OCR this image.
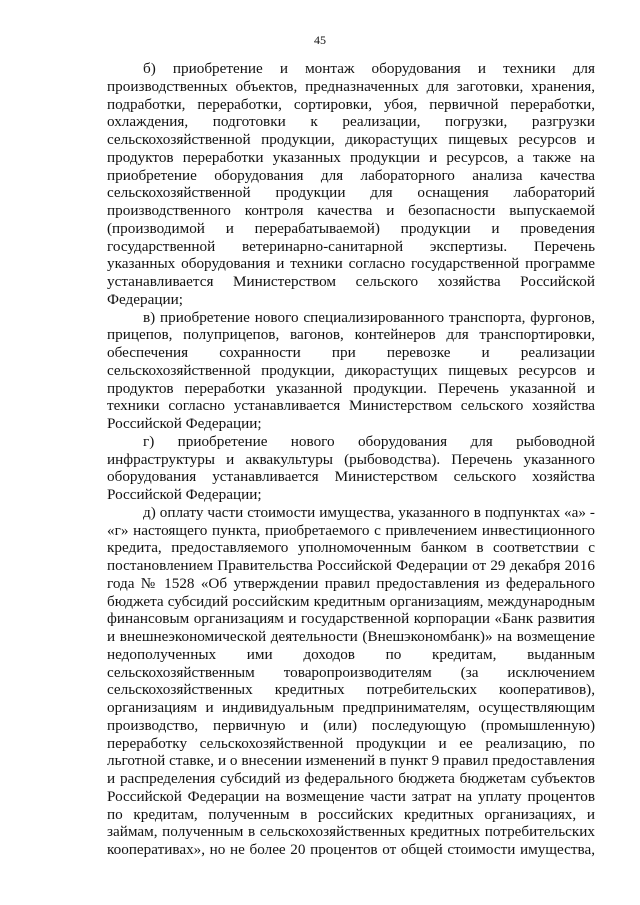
45
б) приобретение и монтаж оборудования и техники для
производственных объектов, предназначенных для заготовки, хранения,
подработки, переработки, сортировки, убоя, первичной переработки,
охлаждения, подготовки к реализации, погрузки, разгрузки
сельскохозяйственной продукции, дикорастущих пищевых ресурсов и
продуктов переработки указанных продукции и ресурсов, а также на
приобретение оборудования для лабораторного анализа качества
сельскохозяйственной продукции для оснащения лабораторий
производственного контроля качества и безопасности выпускаемой
(производимой и перерабатываемой) продукции и проведения
государственной ветеринарно-санитарной экспертизы. Перечень
указанных оборудования и техники согласно государственной программе
устанавливается Министерством сельского хозяйства Российской
Федерации;
в) приобретение нового специализированного транспорта, фургонов,
прицепов, полуприцепов, вагонов, контейнеров для транспортировки,
обеспечения сохранности при перевозке и реализации
сельскохозяйственной продукции, дикорастущих пищевых ресурсов и
продуктов переработки указанной продукции. Перечень указанной и
техники согласно устанавливается Министерством сельского хозяйства
Российской Федерации;
г) приобретение нового оборудования для рыбоводной
инфраструктуры и аквакультуры (рыбоводства). Перечень указанного
оборудования устанавливается Министерством сельского хозяйства
Российской Федерации;
д) оплату части стоимости имущества, указанного в подпунктах «а» -
«г» настоящего пункта, приобретаемого с привлечением инвестиционного
кредита, предоставляемого уполномоченным банком в соответствии с
постановлением Правительства Российской Федерации от 29 декабря 2016
года № 1528 «Об утверждении правил предоставления из федерального
бюджета субсидий российским кредитным организациям, международным
финансовым организациям и государственной корпорации «Банк развития
и внешнеэкономической деятельности (Внешэкономбанк)» на возмещение
недополученных ими доходов по кредитам, выданным
сельскохозяйственным товаропроизводителям (за исключением
сельскохозяйственных кредитных потребительских кооперативов),
организациям и индивидуальным предпринимателям, осуществляющим
производство, первичную и (или) последующую (промышленную)
переработку сельскохозяйственной продукции и ее реализацию, по
льготной ставке, и о внесении изменений в пункт 9 правил предоставления
и распределения субсидий из федерального бюджета бюджетам субъектов
Российской Федерации на возмещение части затрат на уплату процентов
по кредитам, полученным в российских кредитных организациях, и
займам, полученным в сельскохозяйственных кредитных потребительских
кооперативах», но не более 20 процентов от общей стоимости имущества,
